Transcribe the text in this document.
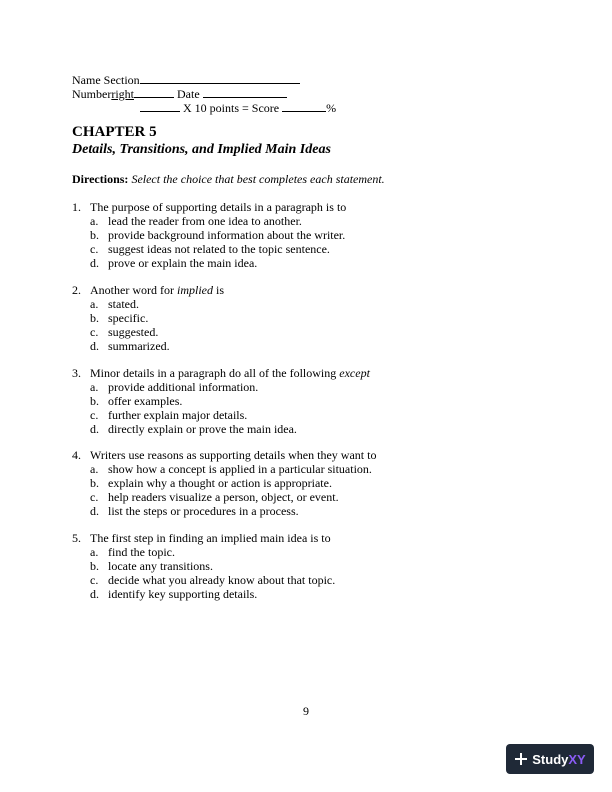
Name Section
Numberright	Date
X 10 points = Score	%
CHAPTER 5
Details, Transitions, and Implied Main Ideas
Directions: Select the choice that best completes each statement.
1. The purpose of supporting details in a paragraph is to
a. lead the reader from one idea to another.
b. provide background information about the writer.
c. suggest ideas not related to the topic sentence.
d. prove or explain the main idea.
2. Another word for implied is
a. stated.
b. specific.
c. suggested.
d. summarized.
3. Minor details in a paragraph do all of the following except
a. provide additional information.
b. offer examples.
c. further explain major details.
d. directly explain or prove the main idea.
4. Writers use reasons as supporting details when they want to
a. show how a concept is applied in a particular situation.
b. explain why a thought or action is appropriate.
c. help readers visualize a person, object, or event.
d. list the steps or procedures in a process.
5. The first step in finding an implied main idea is to
a. find the topic.
b. locate any transitions.
c. decide what you already know about that topic.
d. identify key supporting details.
9
StudyXY
